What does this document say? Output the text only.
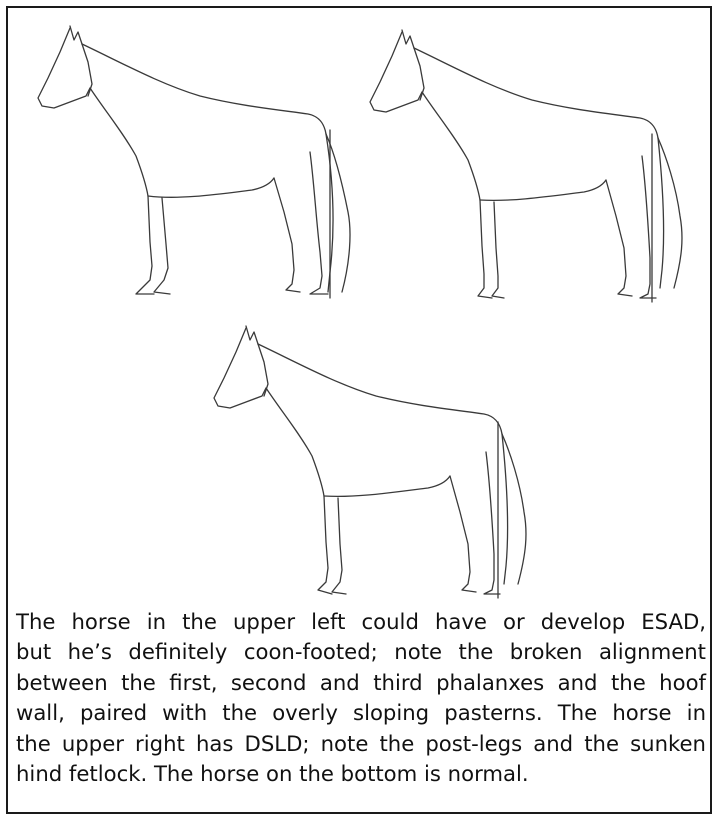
The horse in the upper left could have or develop ESAD,
but he’s definitely coon-footed; note the broken alignment
between the first, second and third phalanxes and the hoof
wall, paired with the overly sloping pasterns. The horse in
the upper right has DSLD; note the post-legs and the sunken
hind fetlock. The horse on the bottom is normal.
